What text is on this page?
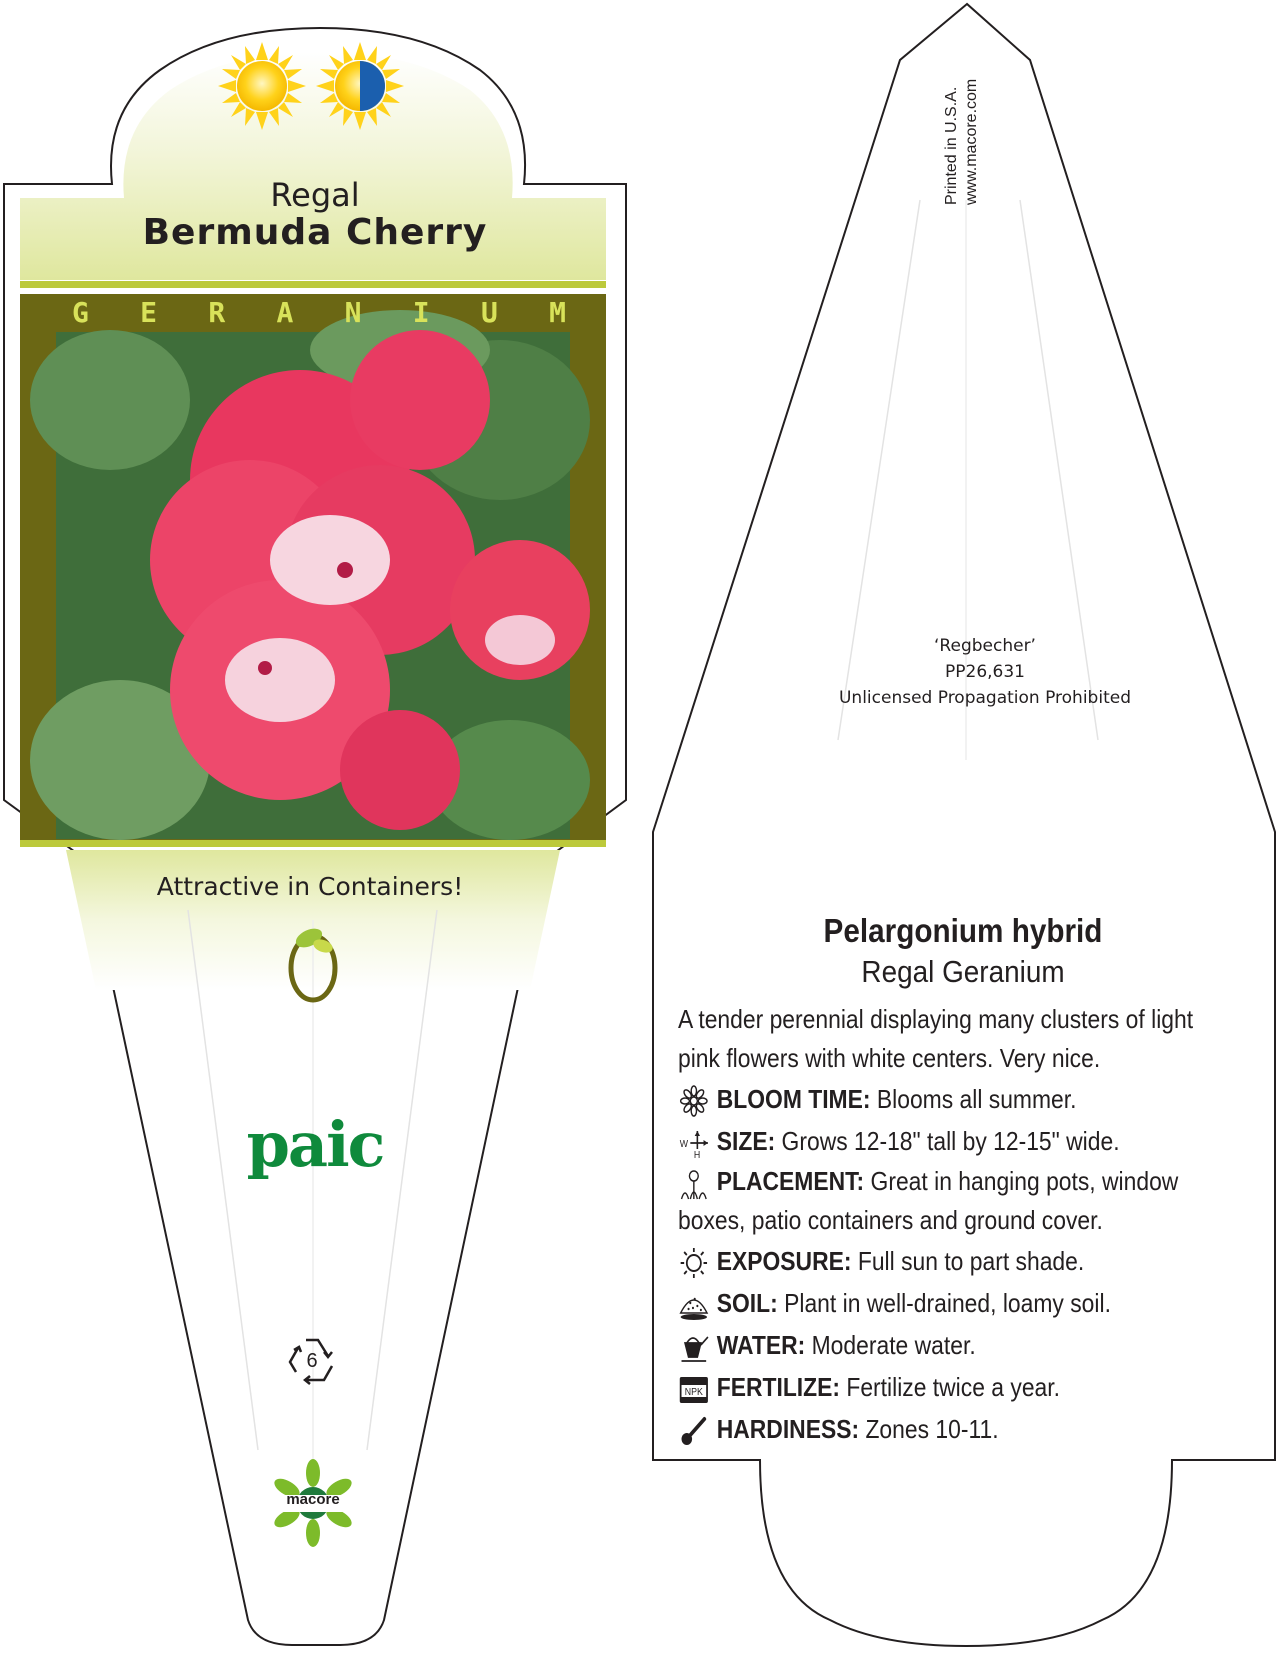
Regal
Bermuda Cherry
G E R A N I U M
Attractive in Containers!
paic
6
macore
Printed in U.S.A. www.macore.com
‘Regbecher’
PP26,631
Unlicensed Propagation Prohibited
Pelargonium hybrid
Regal Geranium
A tender perennial displaying many clusters of light pink flowers with white centers. Very nice.
BLOOM TIME: Blooms all summer.
W
H SIZE: Grows 12-18" tall by 12-15" wide.
PLACEMENT: Great in hanging pots, window boxes, patio containers and ground cover.
EXPOSURE: Full sun to part shade.
SOIL: Plant in well-drained, loamy soil.
WATER: Moderate water.
NPK FERTILIZE: Fertilize twice a year.
HARDINESS: Zones 10-11.
